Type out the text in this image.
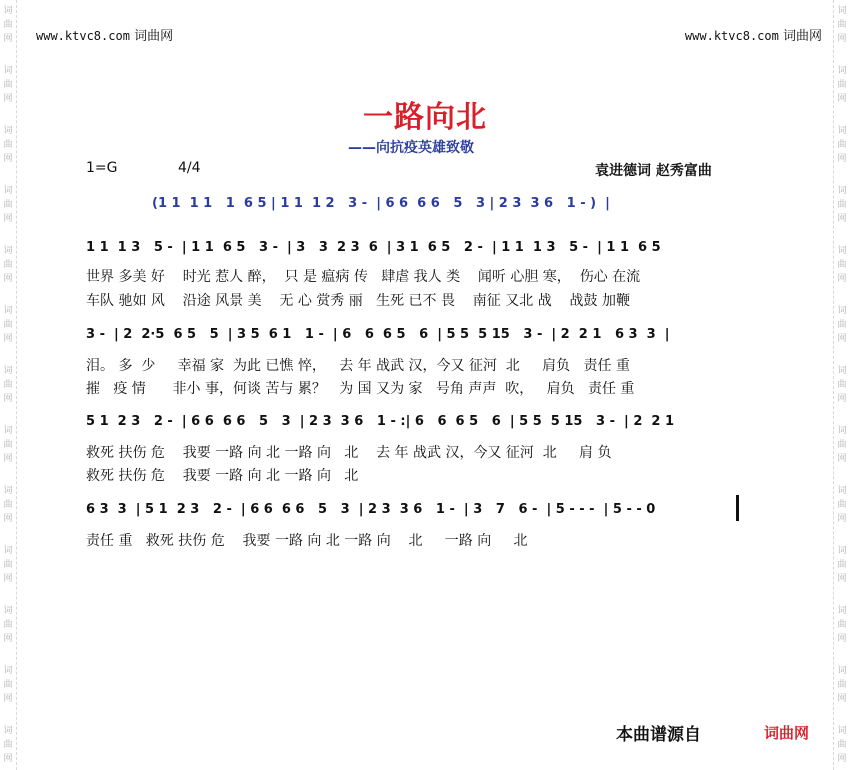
词
曲
网
词
曲
网
词
曲
网
词
曲
网
词
曲
网
词
曲
网
词
曲
网
词
曲
网
词
曲
网
词
曲
网
词
曲
网
词
曲
网
词
曲
网
词
曲
网
词
曲
网
词
曲
网
词
曲
网
词
曲
网
词
曲
网
词
曲
网
词
曲
网
词
曲
网
词
曲
网
词
曲
网
词
曲
网
词
曲
网
www.ktvc8.com 词曲网	www.ktvc8.com 词曲网
一路向北
——向抗疫英雄致敬
1=G	4/4	袁进德词 赵秀富曲
(1 1  1 1   1  6 5 | 1 1  1 2   3 -  | 6 6  6 6   5   3 | 2 3  3 6   1 - )  |
1 1  1 3   5 -  | 1 1  6 5   3 -  | 3   3  2 3  6  | 3 1  6 5   2 -  | 1 1  1 3   5 -  | 1 1  6 5
世界 多美 好    时光 惹人 醉，  只 是 瘟病 传   肆虐 我人 类    闻听 心胆 寒，  伤心 在流
车队 驰如 风    沿途 风景 美    无 心 赏秀 丽   生死 已不 畏    南征 又北 战    战鼓 加鞭
3 -  | 2  2·5  6 5   5  | 3 5  6 1   1 -  | 6   6  6 5   6  | 5 5  5 15   3 -  | 2  2 1   6 3  3  |
泪。 多  少     幸福 家  为此 已憔 悴，   去 年 战武 汉，今又 征河  北     肩负   责任 重
摧   疫 情      非小 事，何谈 苦与 累？   为 国 又为 家   号角 声声  吹，   肩负   责任 重
5 1  2 3   2 -  | 6 6  6 6   5   3  | 2 3  3 6   1 - :| 6   6  6 5   6  | 5 5  5 15   3 -  | 2  2 1
救死 扶伤 危    我要 一路 向 北 一路 向   北    去 年 战武 汉，今又 征河  北     肩 负
救死 扶伤 危    我要 一路 向 北 一路 向   北
6 3  3  | 5 1  2 3   2 -  | 6 6  6 6   5   3  | 2 3  3 6   1 -  | 3   7   6 -  | 5 - - -  | 5 - - 0
责任 重   救死 扶伤 危    我要 一路 向 北 一路 向    北     一路 向     北
本曲谱源自	词曲网
